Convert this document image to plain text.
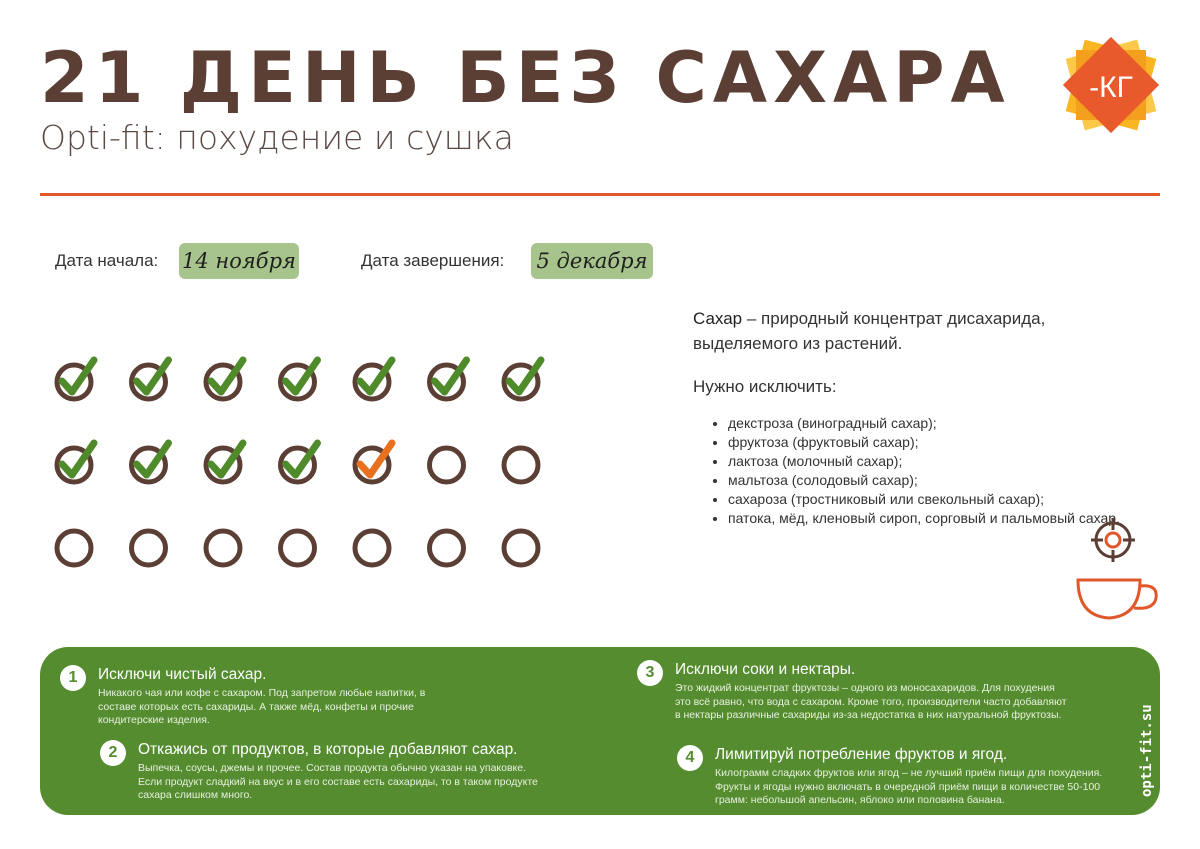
21 ДЕНЬ БЕЗ САХАРА
Opti-fit: похудение и сушка
-КГ
Дата начала: 14 ноября	Дата завершения: 5 декабря
Сахар – природный концентрат дисахарида, выделяемого из растений.
Нужно исключить:
• декстроза (виноградный сахар);
• фруктоза (фруктовый сахар);
• лактоза (молочный сахар);
• мальтоза (солодовый сахар);
• сахароза (тростниковый или свекольный сахар);
• патока, мёд, кленовый сироп, сорговый и пальмовый сахар.
1	Исключи чистый сахар.
Никакого чая или кофе с сахаром. Под запретом любые напитки, в составе которых есть сахариды. А также мёд, конфеты и прочие кондитерские изделия.
2	Откажись от продуктов, в которые добавляют сахар.
Выпечка, соусы, джемы и прочее. Состав продукта обычно указан на упаковке. Если продукт сладкий на вкус и в его составе есть сахариды, то в таком продукте сахара слишком много.
3	Исключи соки и нектары.
Это жидкий концентрат фруктозы – одного из моносахаридов. Для похудения это всё равно, что вода с сахаром. Кроме того, производители часто добавляют в нектары различные сахариды из-за недостатка в них натуральной фруктозы.
4	Лимитируй потребление фруктов и ягод.
Килограмм сладких фруктов или ягод – не лучший приём пищи для похудения. Фрукты и ягоды нужно включать в очередной приём пищи в количестве 50-100 грамм: небольшой апельсин, яблоко или половина банана.
opti-fit.su
